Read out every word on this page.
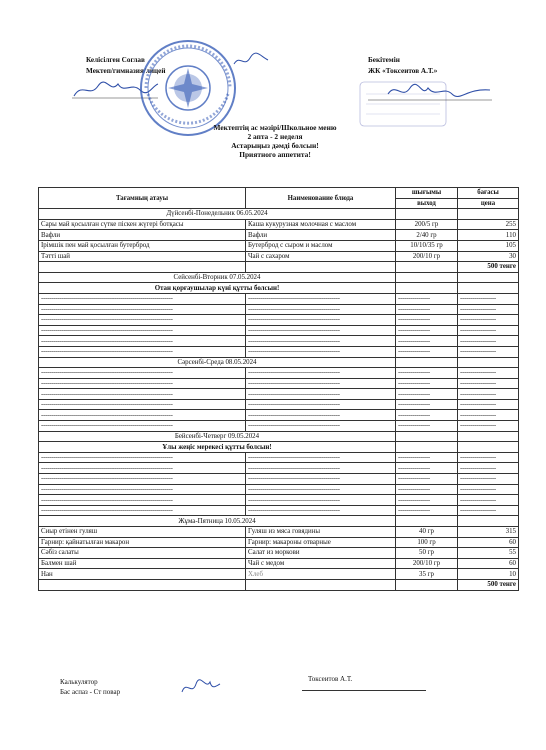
Келісілген Соглав
Мектеп/гимназия/лицей
Бекітемін
ЖК «Токсеитов А.Т.»
Мектептің ас мәзірі/Школьное меню
2 апта - 2 неделя
Астарыңыз дәмді болсын!
Приятного аппетита!
Тағамның атауы	Наименование блюда	шығымы	бағасы
		выход	цена
Дүйсенбі-Понедельник 06.05.2024			
Сары май қосылған сүтке піскен жүгері ботқасы	Каша кукурузная молочная с маслом	200/5 гр	255
Вафли	Вафли	2/40 гр	110
Ірімшік пен май қосылған бутерброд	Бутерброд с сыром и маслом	10/10/35 гр	105
Тәтті шай	Чай с сахаром	200/10 гр	30
			500 тенге
Сейсенбі-Вторник 07.05.2024			
Отан қорғаушылар күні құтты болсын!			
------------------------------------------------------------------	----------------------------------------------	----------------	------------------
------------------------------------------------------------------	----------------------------------------------	----------------	------------------
------------------------------------------------------------------	----------------------------------------------	----------------	------------------
------------------------------------------------------------------	----------------------------------------------	----------------	------------------
------------------------------------------------------------------	----------------------------------------------	----------------	------------------
------------------------------------------------------------------	----------------------------------------------	----------------	------------------
Сәрсенбі-Среда 08.05.2024			
------------------------------------------------------------------	----------------------------------------------	----------------	------------------
------------------------------------------------------------------	----------------------------------------------	----------------	------------------
------------------------------------------------------------------	----------------------------------------------	----------------	------------------
------------------------------------------------------------------	----------------------------------------------	----------------	------------------
------------------------------------------------------------------	----------------------------------------------	----------------	------------------
------------------------------------------------------------------	----------------------------------------------	----------------	------------------
Бейсенбі-Четверг 09.05.2024			
Ұлы жеңіс мерекесі құтты болсын!			
------------------------------------------------------------------	----------------------------------------------	----------------	------------------
------------------------------------------------------------------	----------------------------------------------	----------------	------------------
------------------------------------------------------------------	----------------------------------------------	----------------	------------------
------------------------------------------------------------------	----------------------------------------------	----------------	------------------
------------------------------------------------------------------	----------------------------------------------	----------------	------------------
------------------------------------------------------------------	----------------------------------------------	----------------	------------------
Жұма-Пятница 10.05.2024			
Сиыр етінен гуляш	Гуляш из мяса говядины	40 гр	315
Гарнир: қайнатылған макарон	Гарнир: макароны отварные	100 гр	60
Сәбіз салаты	Салат из моркови	50 гр	55
Балмен шай	Чай с медом	200/10 гр	60
Нан	Хлеб	35 гр	10
			500 тенге
Калькулятор
Бас аспаз - Ст повар
Токсеитов А.Т.
